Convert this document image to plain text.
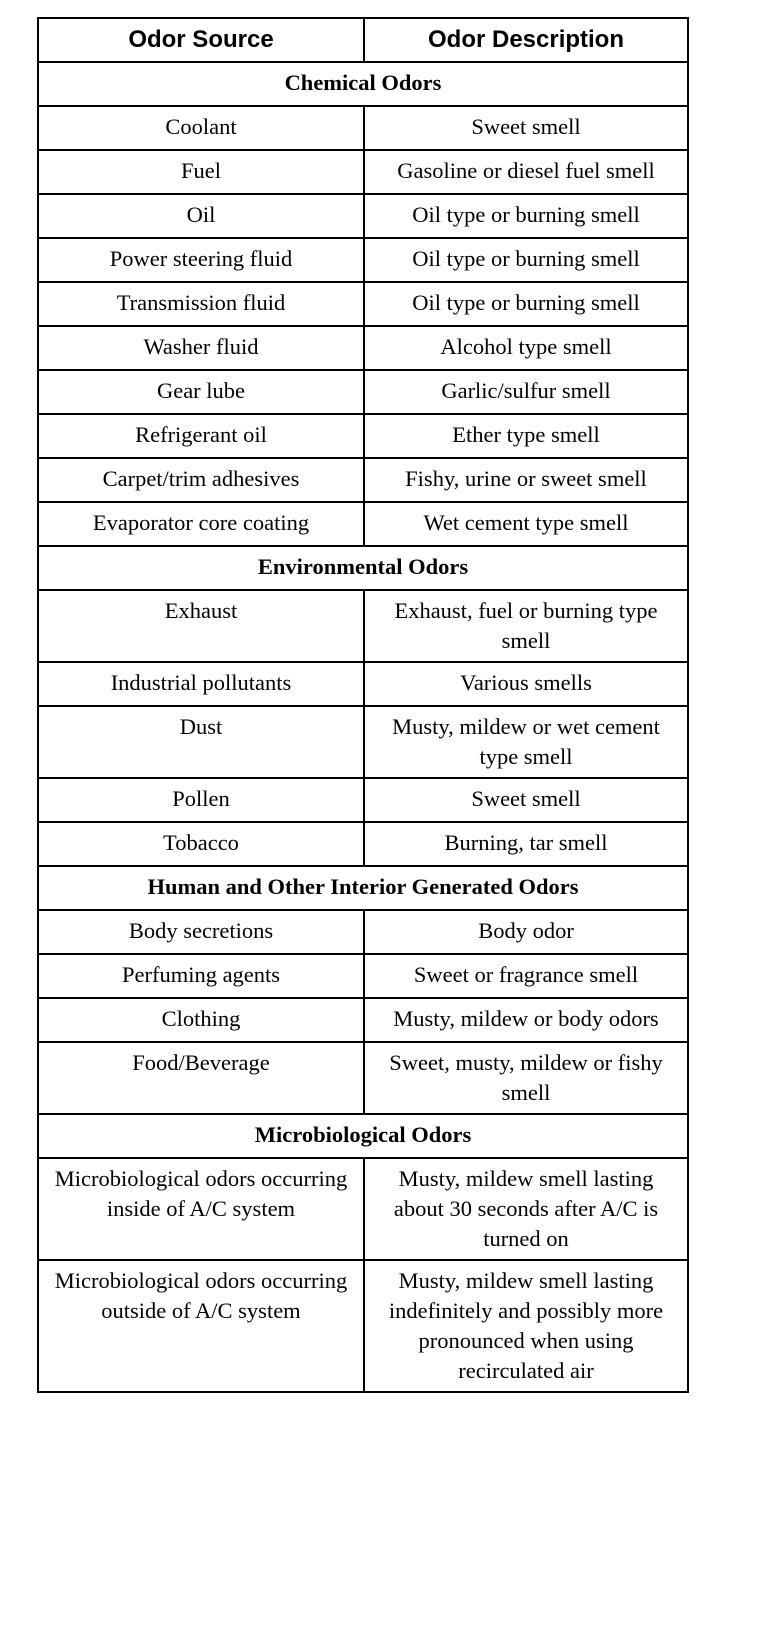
Odor Source	Odor Description
Chemical Odors	
Coolant	Sweet smell
Fuel	Gasoline or diesel fuel smell
Oil	Oil type or burning smell
Power steering fluid	Oil type or burning smell
Transmission fluid	Oil type or burning smell
Washer fluid	Alcohol type smell
Gear lube	Garlic/sulfur smell
Refrigerant oil	Ether type smell
Carpet/trim adhesives	Fishy, urine or sweet smell
Evaporator core coating	Wet cement type smell
Environmental Odors	
Exhaust	Exhaust, fuel or burning type smell
Industrial pollutants	Various smells
Dust	Musty, mildew or wet cement type smell
Pollen	Sweet smell
Tobacco	Burning, tar smell
Human and Other Interior Generated Odors	
Body secretions	Body odor
Perfuming agents	Sweet or fragrance smell
Clothing	Musty, mildew or body odors
Food/Beverage	Sweet, musty, mildew or fishy smell
Microbiological Odors	
Microbiological odors occurring inside of A/C system	Musty, mildew smell lasting about 30 seconds after A/C is turned on
Microbiological odors occurring outside of A/C system	Musty, mildew smell lasting indefinitely and possibly more pronounced when using recirculated air
